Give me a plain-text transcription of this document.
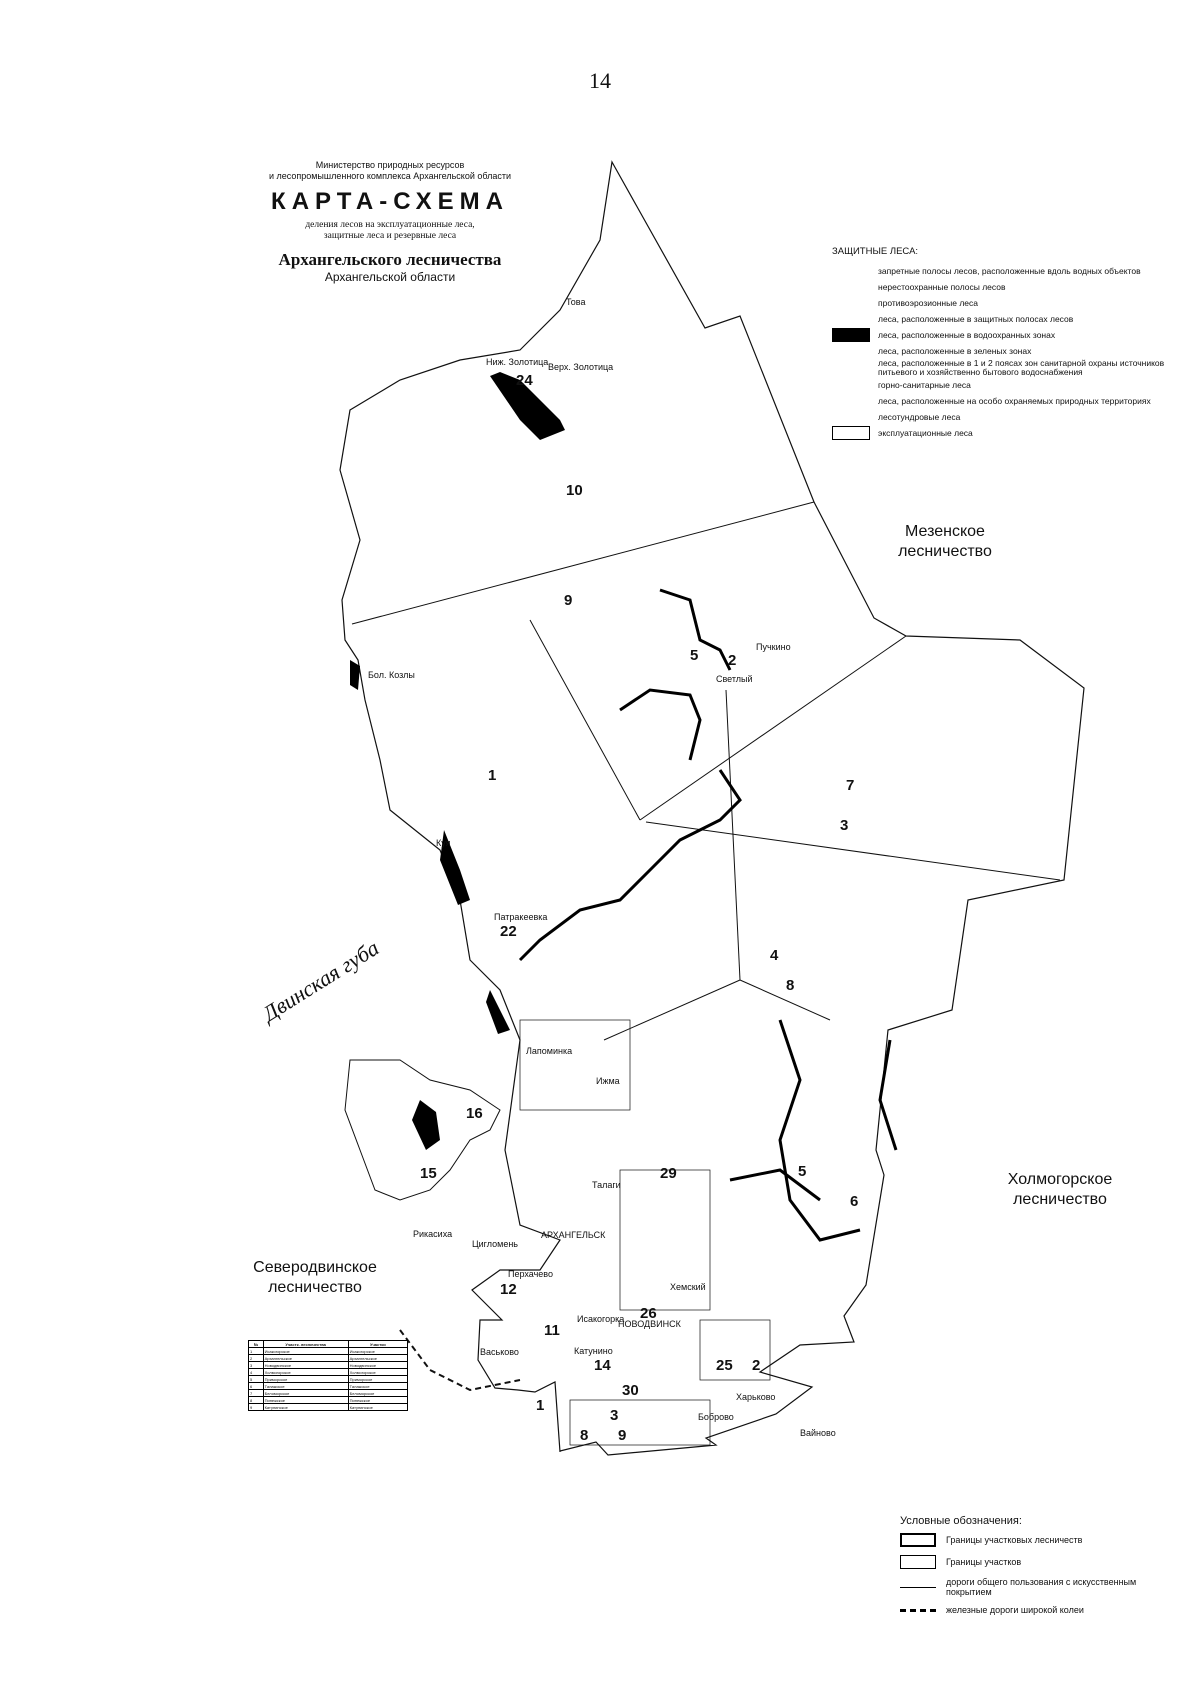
14
Това
Ниж. Золотица Верх. Золотица
Бол. Козлы
Куя
Патракеевка
Лапоминка
Рикасиха
Цигломень
АРХАНГЕЛЬСК
Талаги
НОВОДВИНСК
Исакогорка
Катунино
Васьково
Перхачево
Харьково
Боброво
Вайново
Светлый
Пучкино
Ижма
Хемский
24
10
9
5 2
1
7
3
22
4
8
16
15	5
6
12
29
26
25 2
30
11
1
3
8 9
14
Министерство природных ресурсов
и лесопромышленного комплекса Архангельской области
КАРТА-СХЕМА
деления лесов на эксплуатационные леса,
защитные леса и резервные леса
Архангельского лесничества
Архангельской области
ЗАЩИТНЫЕ ЛЕСА:
запретные полосы лесов, расположенные вдоль водных объектов
нерестоохранные полосы лесов
противоэрозионные леса
леса, расположенные в защитных полосах лесов
леса, расположенные в водоохранных зонах
леса, расположенные в зеленых зонах
леса, расположенные в 1 и 2 поясах зон санитарной охраны источников питьевого и хозяйственно бытового водоснабжения
горно-санитарные леса
леса, расположенные на особо охраняемых природных территориях
лесотундровые леса
эксплуатационные леса
Мезенское
лесничество
Холмогорское
лесничество
Северодвинское
лесничество
Двинская губа
Условные обозначения:
Границы участковых лесничеств
Границы участков
дороги общего пользования с искусственным покрытием
железные дороги широкой колеи
№	Участк. лесничества	Участки
1	Исакогорское	Исакогорское
2	Архангельское	Архангельское
3	Новодвинское	Новодвинское
4	Холмогорское	Холмогорское
5	Приморское	Приморское
6	Талажское	Талажское
7	Беломорское	Беломорское
8	Пинежское	Пинежское
9	Катунинское	Катунинское
